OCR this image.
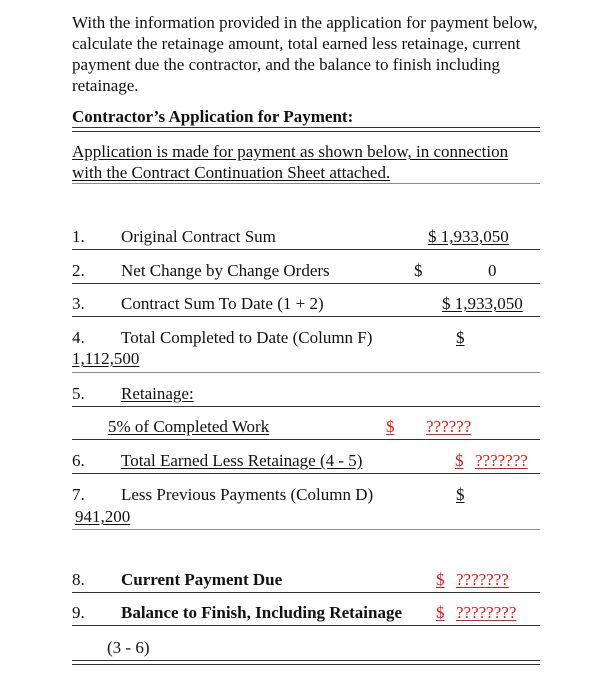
With the information provided in the application for payment below, calculate the retainage amount, total earned less retainage, current payment due the contractor, and the balance to finish including retainage.
Contractor’s Application for Payment:
Application is made for payment as shown below, in connection with the Contract Continuation Sheet attached.
1. Original Contract Sum	$ 1,933,050
2. Net Change by Change Orders	$	0
3. Contract Sum To Date (1 + 2)	$ 1,933,050
4. Total Completed to Date (Column F)	$
1,112,500
5. Retainage:
5% of Completed Work	$ ??????
6. Total Earned Less Retainage (4 - 5)	$ ???????
7. Less Previous Payments (Column D)	$
941,200
8. Current Payment Due	$ ???????
9. Balance to Finish, Including Retainage $ ????????
(3 - 6)
